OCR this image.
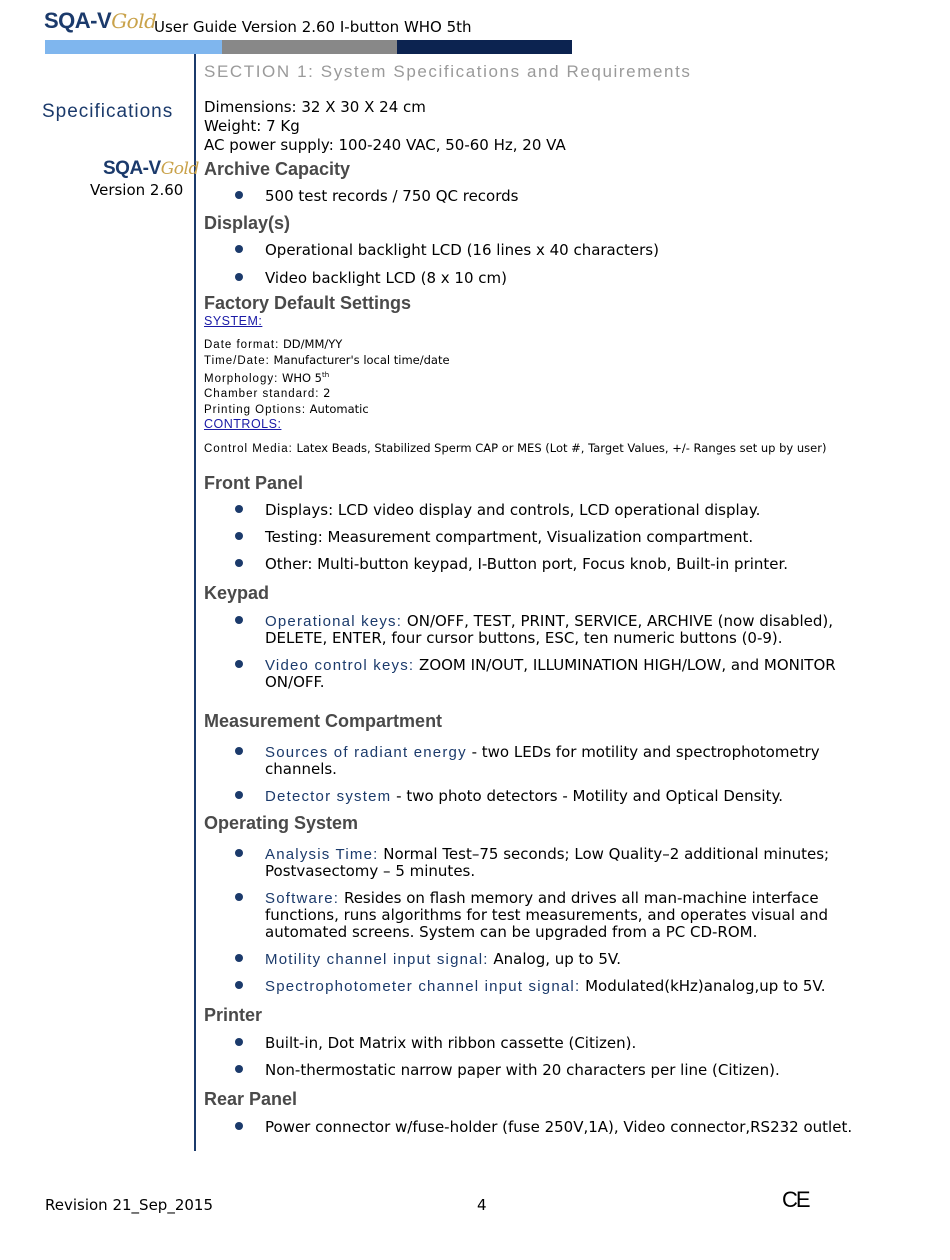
SQA-VGold
User Guide Version 2.60 I-button WHO 5th
Specifications
SQA-VGold
Version 2.60
SECTION 1: System Specifications and Requirements
Dimensions: 32 X 30 X 24 cm
Weight: 7 Kg
AC power supply: 100-240 VAC, 50-60 Hz, 20 VA
Archive Capacity
500 test records / 750 QC records
Display(s)
Operational backlight LCD (16 lines x 40 characters)
Video backlight LCD (8 x 10 cm)
Factory Default Settings

SYSTEM:

Date format: DD/MM/YY
Time/Date: Manufacturer's local time/date
Morphology: WHO 5th
Chamber standard: 2
Printing Options: Automatic

CONTROLS:

Control Media: Latex Beads, Stabilized Sperm CAP or MES (Lot #, Target Values, +/- Ranges set up by user)
Front Panel
Displays: LCD video display and controls, LCD operational display.
Testing: Measurement compartment, Visualization compartment.
Other: Multi-button keypad, I-Button port, Focus knob, Built-in printer.
Keypad
Operational keys: ON/OFF, TEST, PRINT, SERVICE, ARCHIVE (now disabled), DELETE, ENTER, four cursor buttons, ESC, ten numeric buttons (0-9).
Video control keys: ZOOM IN/OUT, ILLUMINATION HIGH/LOW, and MONITOR ON/OFF.
Measurement Compartment
Sources of radiant energy - two LEDs for motility and spectrophotometry channels.
Detector system - two photo detectors - Motility and Optical Density.
Operating System
Analysis Time: Normal Test–75 seconds; Low Quality–2 additional minutes; Postvasectomy – 5 minutes.
Software: Resides on flash memory and drives all man-machine interface functions, runs algorithms for test measurements, and operates visual and automated screens. System can be upgraded from a PC CD-ROM.
Motility channel input signal: Analog, up to 5V.
Spectrophotometer channel input signal: Modulated(kHz)analog,up to 5V.
Printer
Built-in, Dot Matrix with ribbon cassette (Citizen).
Non-thermostatic narrow paper with 20 characters per line (Citizen).
Rear Panel
Power connector w/fuse-holder (fuse 250V,1A), Video connector,RS232 outlet.
Revision 21_Sep_2015	4	CE
